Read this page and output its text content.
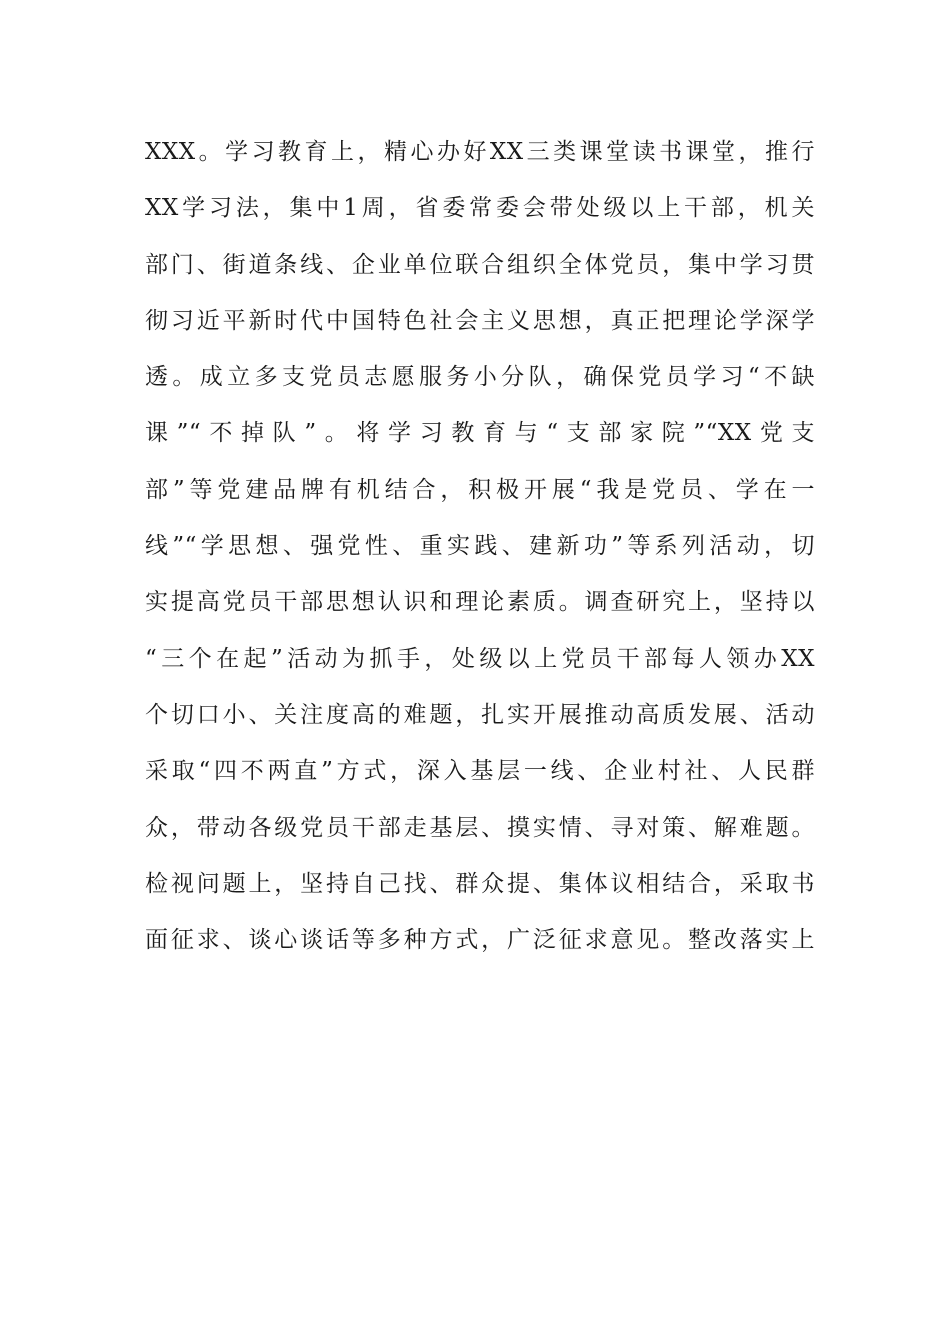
XXX。学习教育上，精心办好XX三类课堂读书课堂，推行
XX学习法，集中1周，省委常委会带处级以上干部，机关
部门、街道条线、企业单位联合组织全体党员，集中学习贯
彻习近平新时代中国特色社会主义思想，真正把理论学深学
透。成立多支党员志愿服务小分队，确保党员学习“不缺
课”“不掉队”。将学习教育与“支部家院”“XX党支
部”等党建品牌有机结合，积极开展“我是党员、学在一
线”“学思想、强党性、重实践、建新功”等系列活动，切
实提高党员干部思想认识和理论素质。调查研究上，坚持以
“三个在起”活动为抓手，处级以上党员干部每人领办XX
个切口小、关注度高的难题，扎实开展推动高质发展、活动
采取“四不两直”方式，深入基层一线、企业村社、人民群
众，带动各级党员干部走基层、摸实情、寻对策、解难题。
检视问题上，坚持自己找、群众提、集体议相结合，采取书
面征求、谈心谈话等多种方式，广泛征求意见。整改落实上
